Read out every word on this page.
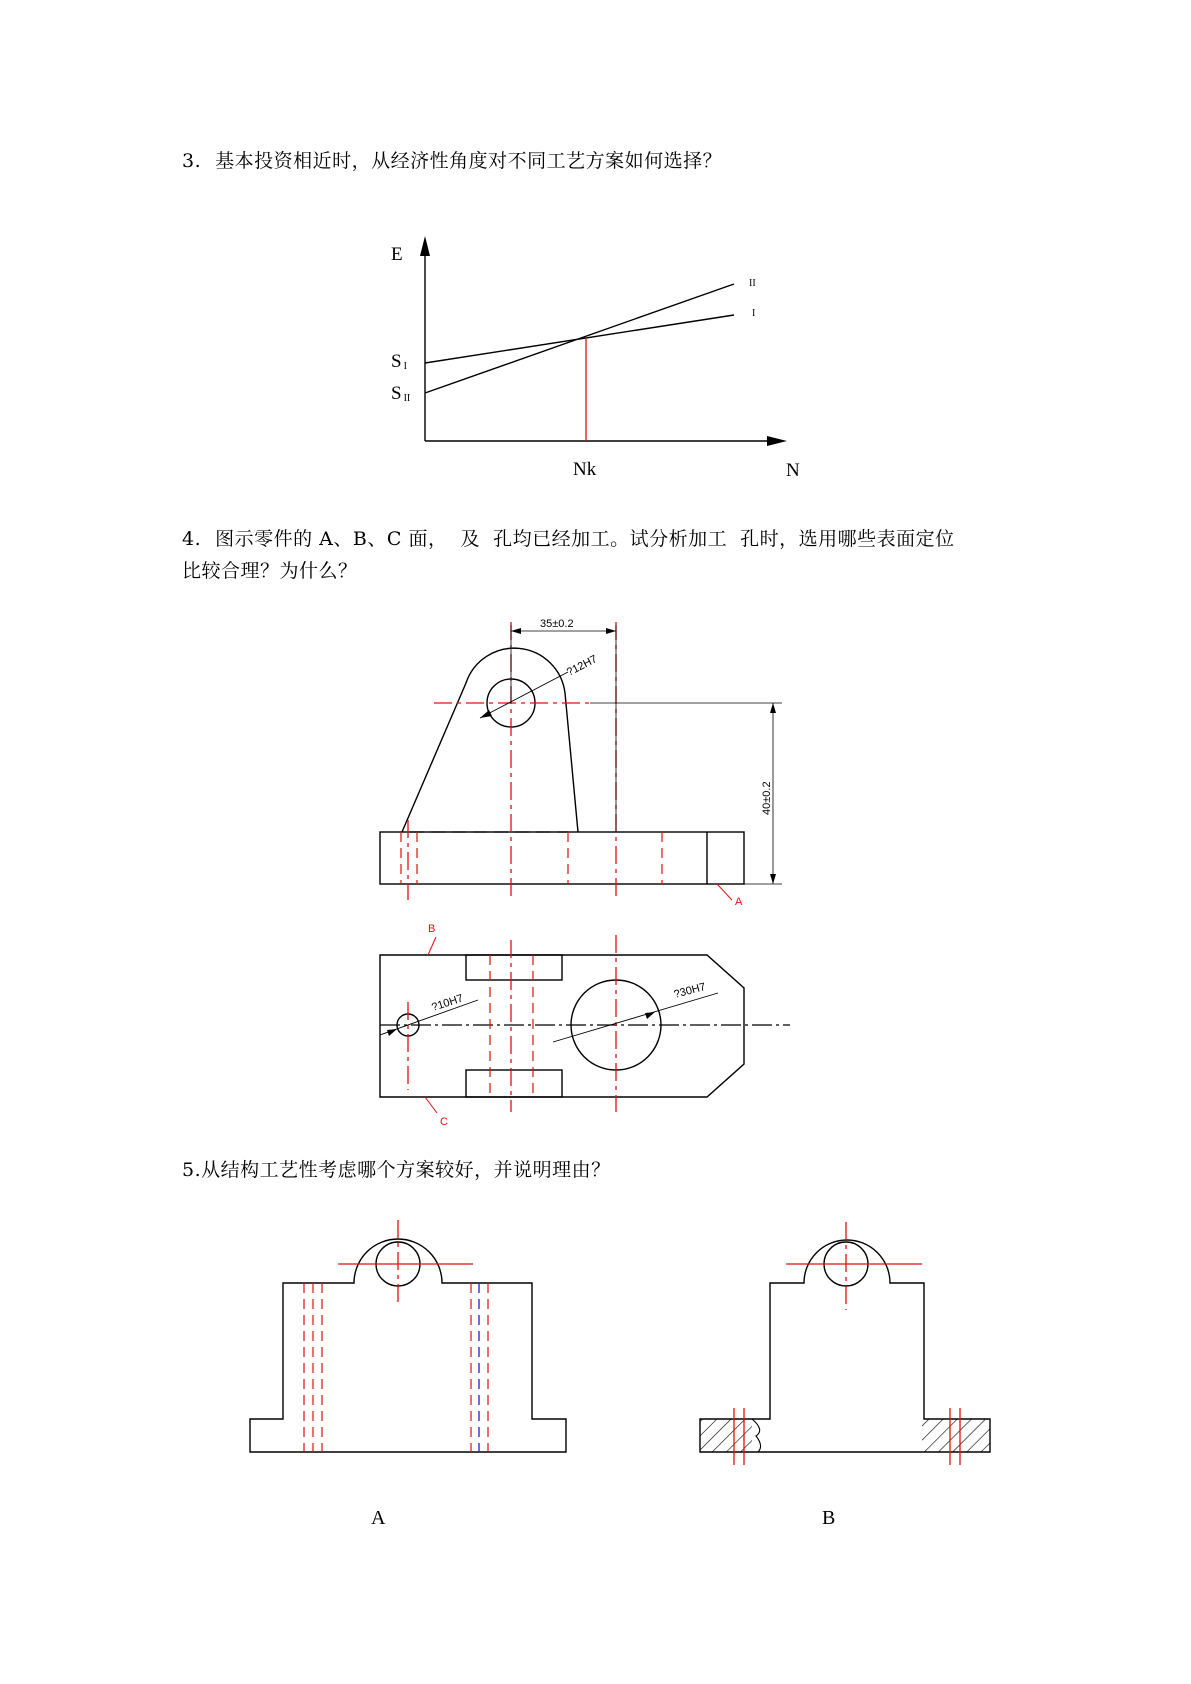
3. 基本投资相近时，从经济性角度对不同工艺方案如何选择？

4. 图示零件的 A、B、C 面，  及  孔均已经加工。试分析加工  孔时，选用哪些表面定位
比较合理？为什么？

5.从结构工艺性考虑哪个方案较好，并说明理由？

E
N
Nk
II
I
S I
SII
35±0.2
40±0.2
?12H7
A
?10H7
?30H7
B
C
A	B
